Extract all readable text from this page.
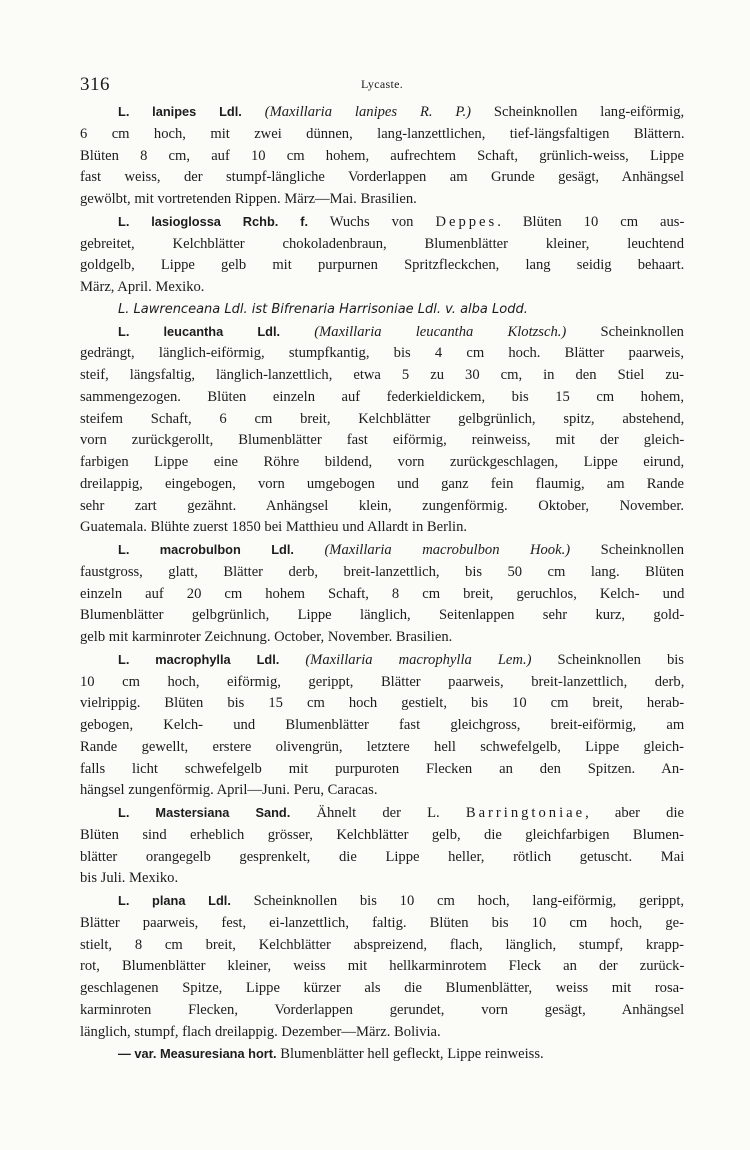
316	Lycaste.
L. lanipes Ldl. (Maxillaria lanipes R. P.) Scheinknollen lang-eiförmig,
6 cm hoch, mit zwei dünnen, lang-lanzettlichen, tief-längsfaltigen Blättern.
Blüten 8 cm, auf 10 cm hohem, aufrechtem Schaft, grünlich-weiss, Lippe
fast weiss, der stumpf-längliche Vorderlappen am Grunde gesägt, Anhängsel
gewölbt, mit vortretenden Rippen. März—Mai. Brasilien.
L. lasioglossa Rchb. f. Wuchs von Deppes. Blüten 10 cm aus-
gebreitet, Kelchblätter chokoladenbraun, Blumenblätter kleiner, leuchtend
goldgelb, Lippe gelb mit purpurnen Spritzfleckchen, lang seidig behaart.
März, April. Mexiko.
L. Lawrenceana Ldl. ist Bifrenaria Harrisoniae Ldl. v. alba Lodd.
L. leucantha Ldl. (Maxillaria leucantha Klotzsch.) Scheinknollen
gedrängt, länglich-eiförmig, stumpfkantig, bis 4 cm hoch. Blätter paarweis,
steif, längsfaltig, länglich-lanzettlich, etwa 5 zu 30 cm, in den Stiel zu-
sammengezogen. Blüten einzeln auf federkieldickem, bis 15 cm hohem,
steifem Schaft, 6 cm breit, Kelchblätter gelbgrünlich, spitz, abstehend,
vorn zurückgerollt, Blumenblätter fast eiförmig, reinweiss, mit der gleich-
farbigen Lippe eine Röhre bildend, vorn zurückgeschlagen, Lippe eirund,
dreilappig, eingebogen, vorn umgebogen und ganz fein flaumig, am Rande
sehr zart gezähnt. Anhängsel klein, zungenförmig. Oktober, November.
Guatemala. Blühte zuerst 1850 bei Matthieu und Allardt in Berlin.
L. macrobulbon Ldl. (Maxillaria macrobulbon Hook.) Scheinknollen
faustgross, glatt, Blätter derb, breit-lanzettlich, bis 50 cm lang. Blüten
einzeln auf 20 cm hohem Schaft, 8 cm breit, geruchlos, Kelch- und
Blumenblätter gelbgrünlich, Lippe länglich, Seitenlappen sehr kurz, gold-
gelb mit karminroter Zeichnung. October, November. Brasilien.
L. macrophylla Ldl. (Maxillaria macrophylla Lem.) Scheinknollen bis
10 cm hoch, eiförmig, gerippt, Blätter paarweis, breit-lanzettlich, derb,
vielrippig. Blüten bis 15 cm hoch gestielt, bis 10 cm breit, herab-
gebogen, Kelch- und Blumenblätter fast gleichgross, breit-eiförmig, am
Rande gewellt, erstere olivengrün, letztere hell schwefelgelb, Lippe gleich-
falls licht schwefelgelb mit purpuroten Flecken an den Spitzen. An-
hängsel zungenförmig. April—Juni. Peru, Caracas.
L. Mastersiana Sand. Ähnelt der L. Barringtoniae, aber die
Blüten sind erheblich grösser, Kelchblätter gelb, die gleichfarbigen Blumen-
blätter orangegelb gesprenkelt, die Lippe heller, rötlich getuscht. Mai
bis Juli. Mexiko.
L. plana Ldl. Scheinknollen bis 10 cm hoch, lang-eiförmig, gerippt,
Blätter paarweis, fest, ei-lanzettlich, faltig. Blüten bis 10 cm hoch, ge-
stielt, 8 cm breit, Kelchblätter abspreizend, flach, länglich, stumpf, krapp-
rot, Blumenblätter kleiner, weiss mit hellkarminrotem Fleck an der zurück-
geschlagenen Spitze, Lippe kürzer als die Blumenblätter, weiss mit rosa-
karminroten Flecken, Vorderlappen gerundet, vorn gesägt, Anhängsel
länglich, stumpf, flach dreilappig. Dezember—März. Bolivia.
— var. Measuresiana hort. Blumenblätter hell gefleckt, Lippe reinweiss.
